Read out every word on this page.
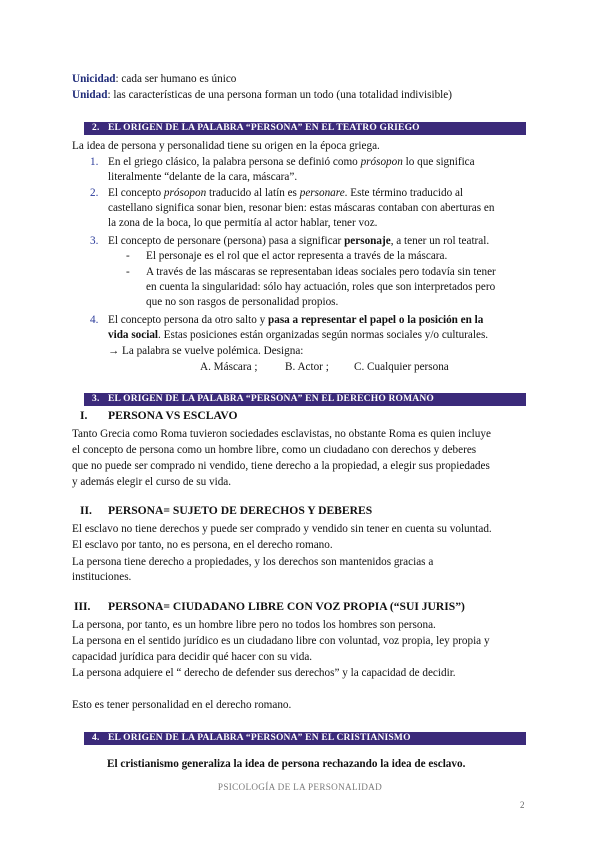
Unicidad: cada ser humano es único
Unidad: las características de una persona forman un todo (una totalidad indivisible)
2. EL ORIGEN DE LA PALABRA “PERSONA” EN EL TEATRO GRIEGO
La idea de persona y personalidad tiene su origen en la época griega.
1. En el griego clásico, la palabra persona se definió como prósopon lo que significa
literalmente “delante de la cara, máscara”.
2. El concepto prósopon traducido al latín es personare. Este término traducido al
castellano significa sonar bien, resonar bien: estas máscaras contaban con aberturas en
la zona de la boca, lo que permitía al actor hablar, tener voz.
3. El concepto de personare (persona) pasa a significar personaje, a tener un rol teatral.
- El personaje es el rol que el actor representa a través de la máscara.
- A través de las máscaras se representaban ideas sociales pero todavía sin tener
en cuenta la singularidad: sólo hay actuación, roles que son interpretados pero
que no son rasgos de personalidad propios.
4. El concepto persona da otro salto y pasa a representar el papel o la posición en la
vida social. Estas posiciones están organizadas según normas sociales y/o culturales.
→ La palabra se vuelve polémica. Designa:
A. Máscara ; B. Actor ; C. Cualquier persona
3. EL ORIGEN DE LA PALABRA “PERSONA” EN EL DERECHO ROMANO
I. PERSONA VS ESCLAVO
Tanto Grecia como Roma tuvieron sociedades esclavistas, no obstante Roma es quien incluye
el concepto de persona como un hombre libre, como un ciudadano con derechos y deberes
que no puede ser comprado ni vendido, tiene derecho a la propiedad, a elegir sus propiedades
y además elegir el curso de su vida.
II. PERSONA= SUJETO DE DERECHOS Y DEBERES
El esclavo no tiene derechos y puede ser comprado y vendido sin tener en cuenta su voluntad.
El esclavo por tanto, no es persona, en el derecho romano.
La persona tiene derecho a propiedades, y los derechos son mantenidos gracias a
instituciones.
III. PERSONA= CIUDADANO LIBRE CON VOZ PROPIA (“SUI JURIS”)
La persona, por tanto, es un hombre libre pero no todos los hombres son persona.
La persona en el sentido jurídico es un ciudadano libre con voluntad, voz propia, ley propia y
capacidad jurídica para decidir qué hacer con su vida.
La persona adquiere el “ derecho de defender sus derechos” y la capacidad de decidir.
Esto es tener personalidad en el derecho romano.
4. EL ORIGEN DE LA PALABRA “PERSONA” EN EL CRISTIANISMO
El cristianismo generaliza la idea de persona rechazando la idea de esclavo.
PSICOLOGÍA DE LA PERSONALIDAD
2
